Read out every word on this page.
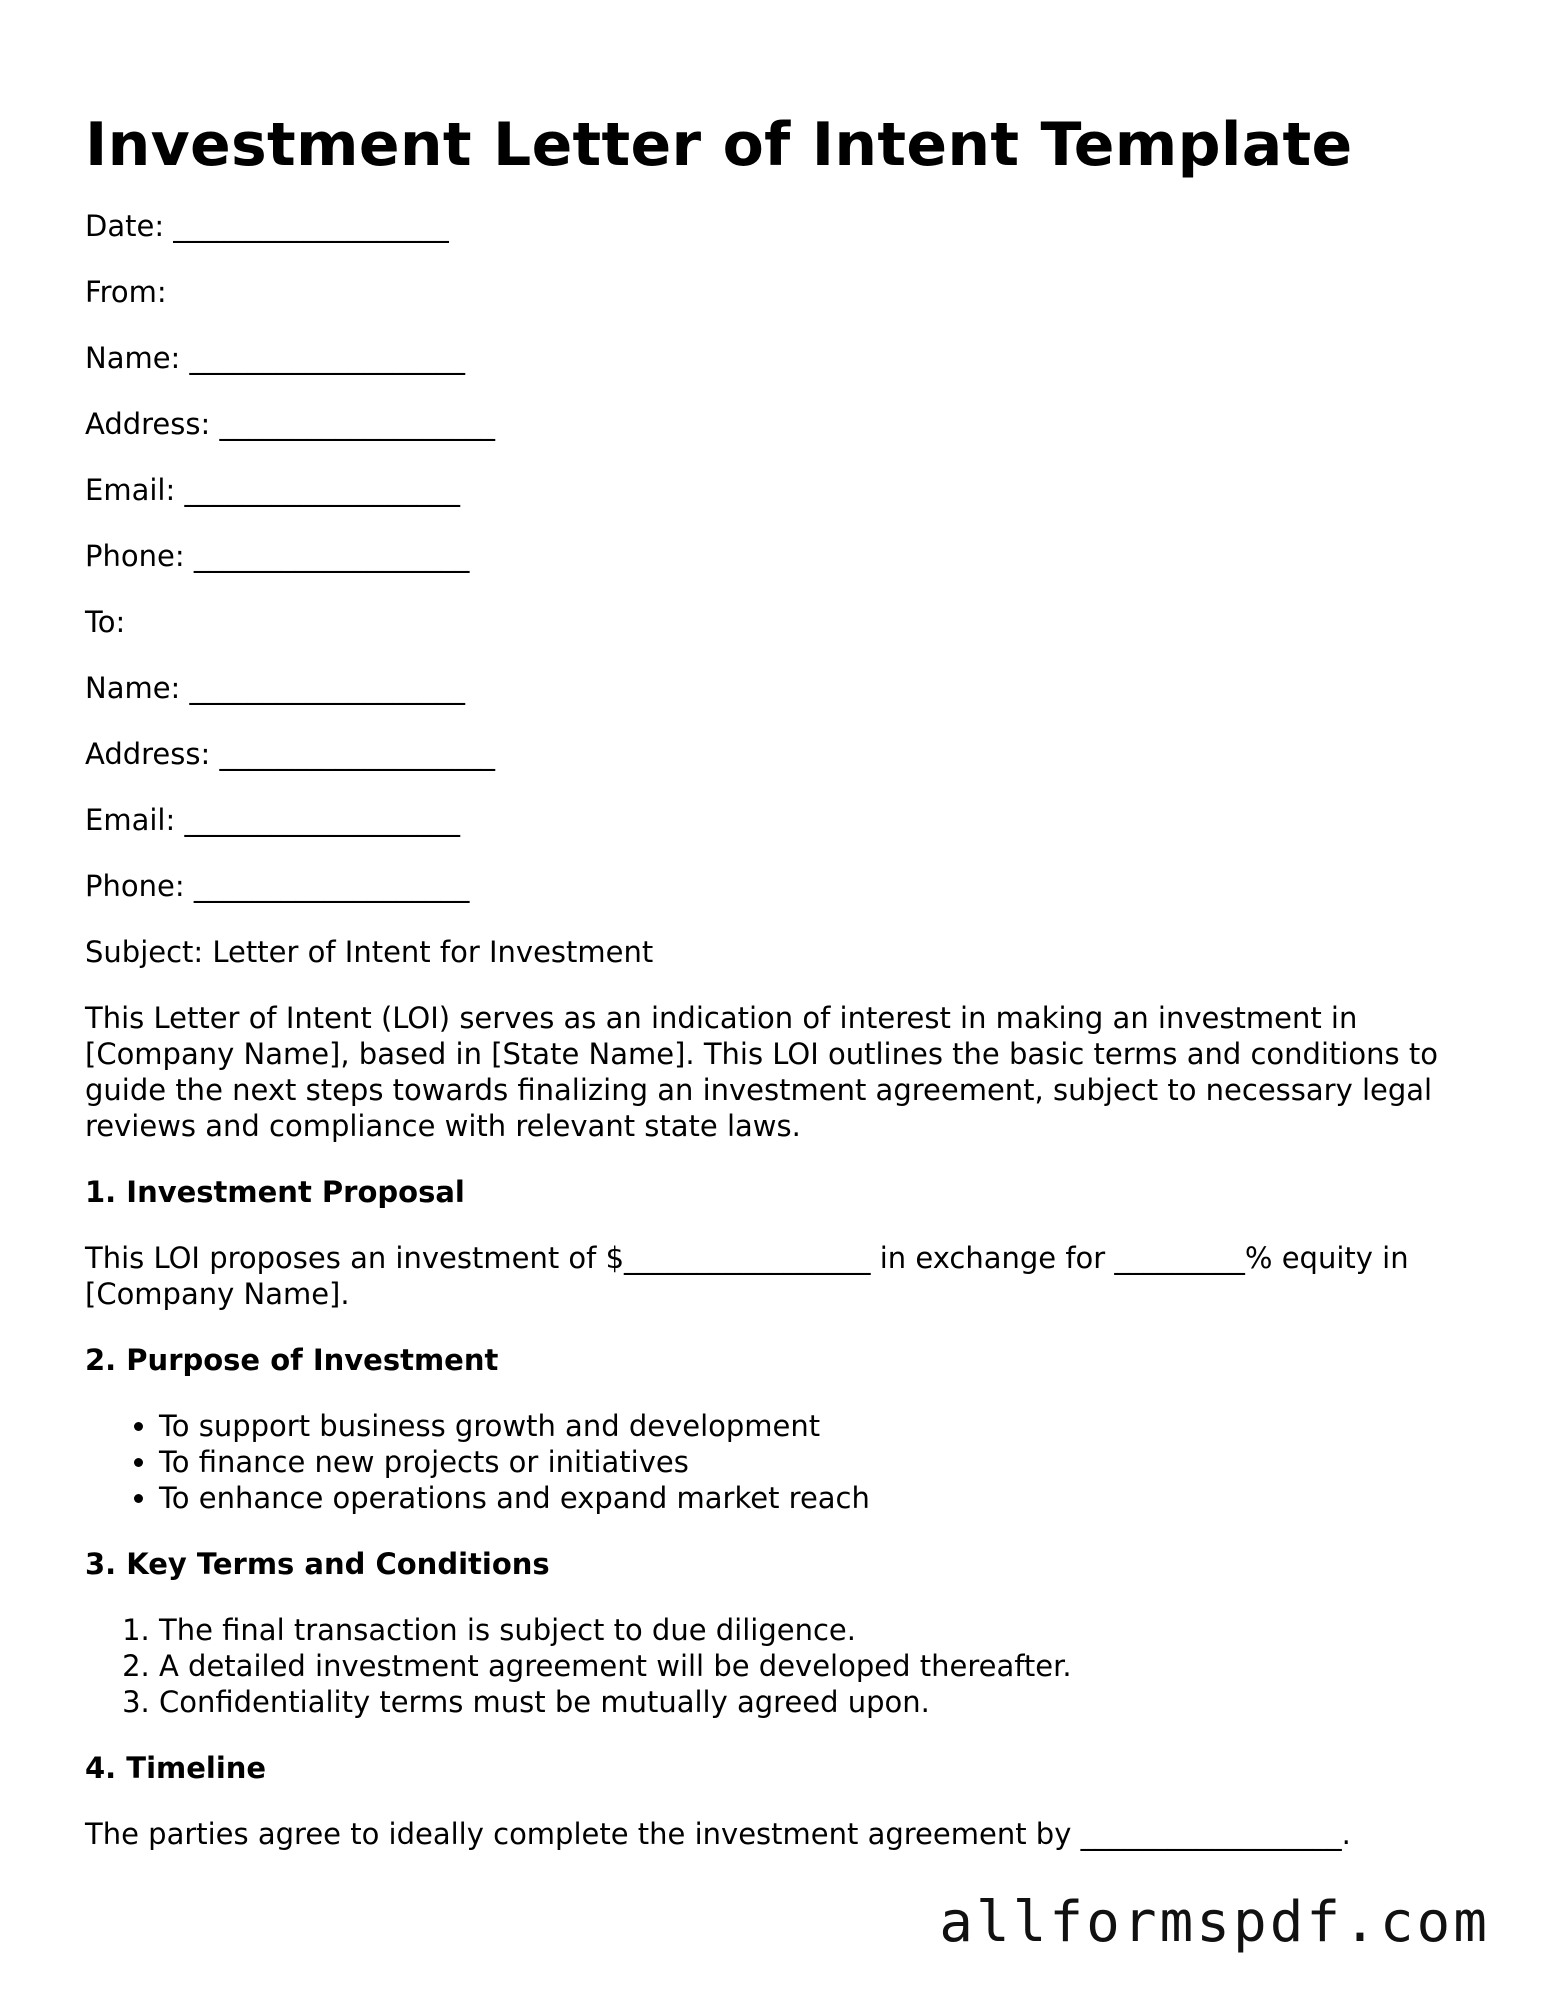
Investment Letter of Intent Template

Date: ___________________

From:

Name: ___________________

Address: ___________________

Email: ___________________

Phone: ___________________

To:

Name: ___________________

Address: ___________________

Email: ___________________

Phone: ___________________

Subject: Letter of Intent for Investment

This Letter of Intent (LOI) serves as an indication of interest in making an investment in [Company Name], based in [State Name]. This LOI outlines the basic terms and conditions to guide the next steps towards finalizing an investment agreement, subject to necessary legal reviews and compliance with relevant state laws.

1. Investment Proposal

This LOI proposes an investment of $_________________ in exchange for _________% equity in [Company Name].

2. Purpose of Investment
• To support business growth and development
• To finance new projects or initiatives
• To enhance operations and expand market reach
3. Key Terms and Conditions
1. The final transaction is subject to due diligence.
2. A detailed investment agreement will be developed thereafter.
3. Confidentiality terms must be mutually agreed upon.
4. Timeline

The parties agree to ideally complete the investment agreement by __________________.

allformspdf.com
